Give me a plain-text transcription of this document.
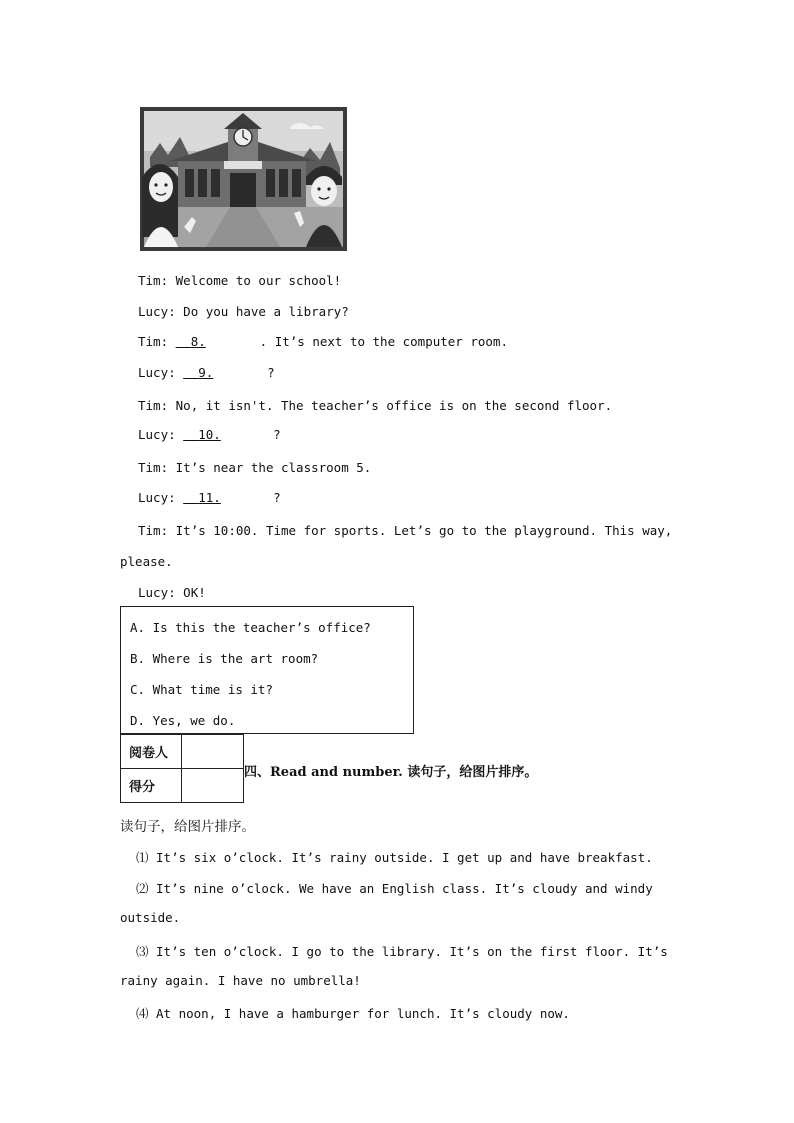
Tim: Welcome to our school!
Lucy: Do you have a library?
Tim: 8.	. It’s next to the computer room.
Lucy: 9.	?
Tim: No, it isn't. The teacher’s office is on the second floor.
Lucy: 10.	?
Tim: It’s near the classroom 5.
Lucy: 11.	?
Tim: It’s 10:00. Time for sports. Let’s go to the playground. This way,
please.
Lucy: OK!
A. Is this the teacher’s office?
B. Where is the art room?
C. What time is it?
D. Yes, we do.
阅卷人	
得分	
四、Read and number. 读句子，给图片排序。
读句子，给图片排序。
⑴ It’s six o’clock. It’s rainy outside. I get up and have breakfast.
⑵ It’s nine o’clock. We have an English class. It’s cloudy and windy
outside.
⑶ It’s ten o’clock. I go to the library. It’s on the first floor. It’s
rainy again. I have no umbrella!
⑷ At noon, I have a hamburger for lunch. It’s cloudy now.
